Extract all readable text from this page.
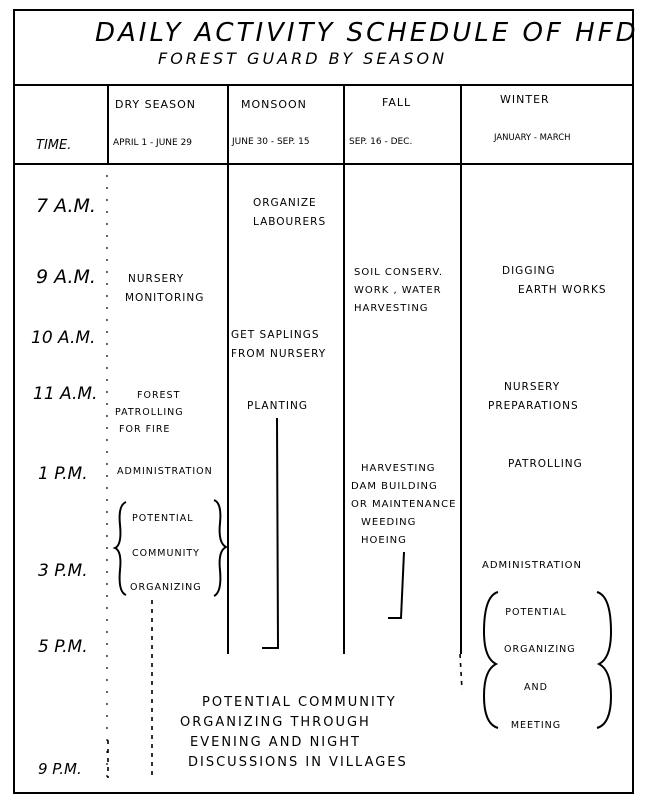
DAILY ACTIVITY SCHEDULE OF HFD
FOREST GUARD BY SEASON
TIME.
DRY SEASON
APRIL 1 - JUNE 29
MONSOON
JUNE 30 - SEP. 15
FALL
SEP. 16 - DEC.
WINTER
JANUARY - MARCH
7 A.M.
9 A.M.
10 A.M.
11 A.M.
1 P.M.
3 P.M.
5 P.M.
9 P.M.
NURSERY
MONITORING
FOREST
PATROLLING
FOR FIRE
ADMINISTRATION
POTENTIAL
COMMUNITY
ORGANIZING
ORGANIZE
LABOURERS
GET SAPLINGS
FROM NURSERY
PLANTING
SOIL CONSERV.
WORK , WATER
HARVESTING
HARVESTING
DAM BUILDING
OR MAINTENANCE
WEEDING
HOEING
DIGGING
EARTH WORKS
NURSERY
PREPARATIONS
PATROLLING
ADMINISTRATION
POTENTIAL
ORGANIZING
AND
MEETING
POTENTIAL COMMUNITY
ORGANIZING THROUGH
EVENING AND NIGHT
DISCUSSIONS IN VILLAGES
